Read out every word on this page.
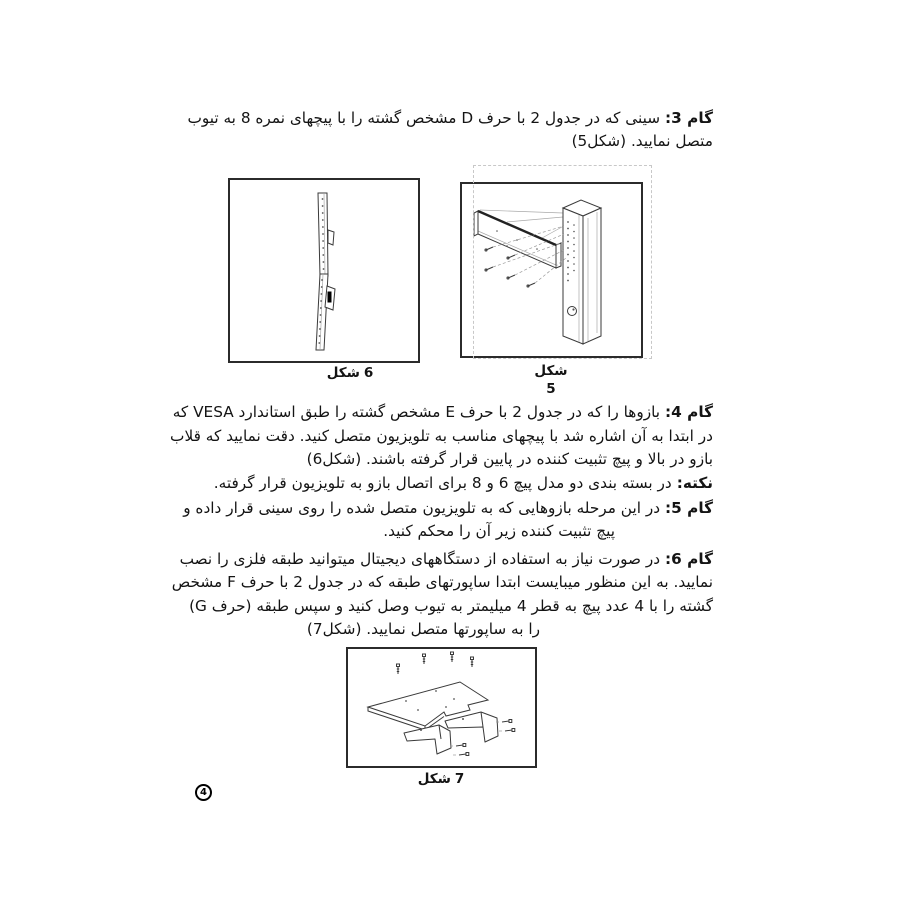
گام 3:سینی که در جدول 2 با حرف D مشخص گشته را با پیچهای نمره 8 به تیوب
متصل نمایید. (شکل5)
شکل 6	شکل
5
گام 4:بازوها را که در جدول 2 با حرف E مشخص گشته را طبق استاندارد VESA که
در ابتدا به آن اشاره شد با پیچهای مناسب به تلویزیون متصل کنید. دقت نمایید که قلاب
بازو در بالا و پیچ تثبیت کننده در پایین قرار گرفته باشند. (شکل6)
نکته:در بسته بندی دو مدل پیچ 6 و 8 برای اتصال بازو به تلویزیون قرار گرفته.
گام 5:در این مرحله بازوهایی که به تلویزیون متصل شده را روی سینی قرار داده و
پیچ تثبیت کننده زیر آن را محکم کنید.
گام 6:در صورت نیاز به استفاده از دستگاههای دیجیتال میتوانید طبقه فلزی را نصب
نمایید. به این منظور میبایست ابتدا ساپورتهای طبقه که در جدول 2 با حرف F مشخص
گشته را با 4 عدد پیچ به قطر 4 میلیمتر به تیوب وصل کنید و سپس طبقه (حرف G)
را به ساپورتها متصل نمایید. (شکل7)
شکل 7
4
